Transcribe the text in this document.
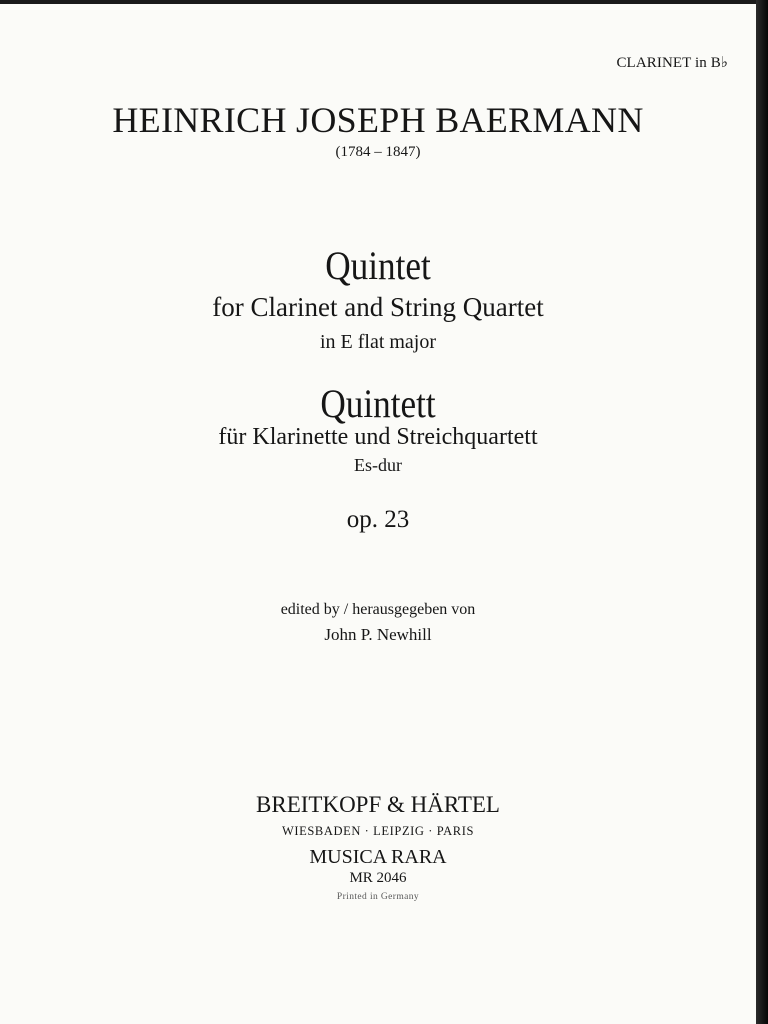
CLARINET in B♭
HEINRICH JOSEPH BAERMANN
(1784 – 1847)
Quintet
for Clarinet and String Quartet
in E flat major
Quintett
für Klarinette und Streichquartett
Es-dur
op. 23
edited by / herausgegeben von
John P. Newhill
BREITKOPF & HÄRTEL
WIESBADEN · LEIPZIG · PARIS
MUSICA RARA
MR 2046
Printed in Germany
